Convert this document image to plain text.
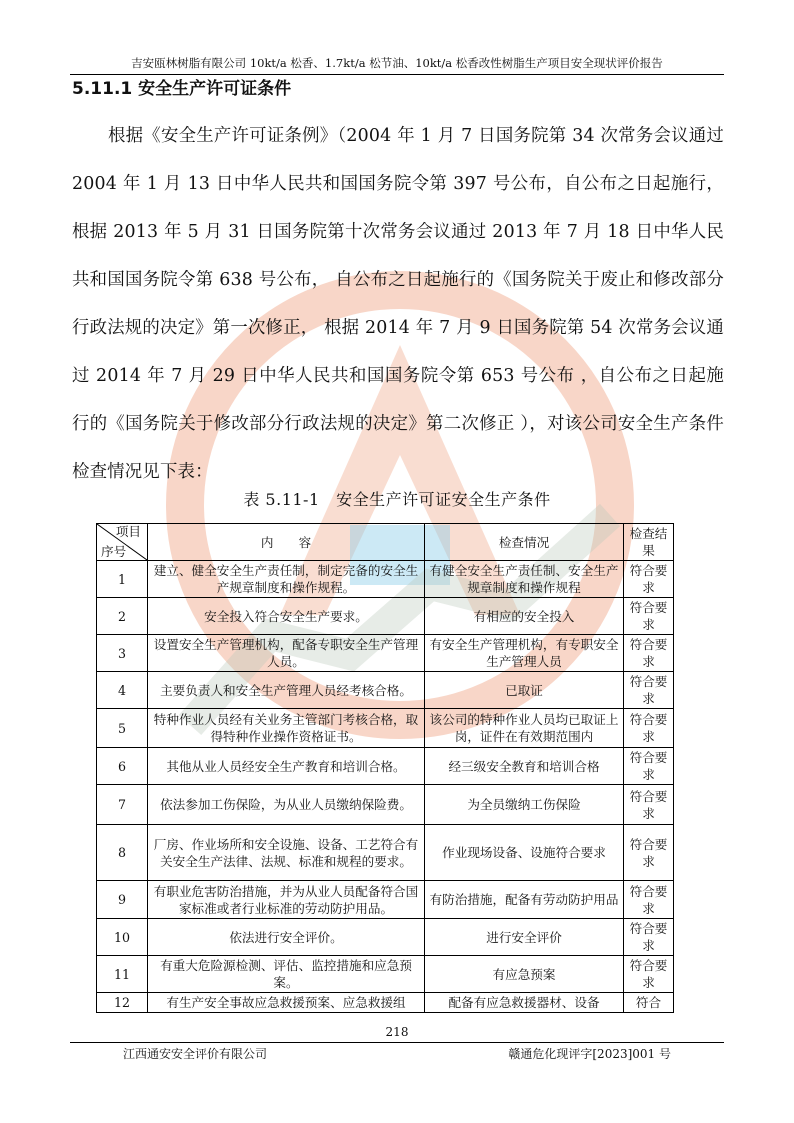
吉安瓯林树脂有限公司 10kt/a 松香、1.7kt/a 松节油、10kt/a 松香改性树脂生产项目安全现状评价报告
5.11.1 安全生产许可证条件
根据《安全生产许可证条例》（2004 年 1 月 7 日国务院第 34 次常务会议通过 2004 年 1 月 13 日中华人民共和国国务院令第 397 号公布，自公布之日起施行， 根据 2013 年 5 月 31 日国务院第十次常务会议通过 2013 年 7 月 18 日中华人民共和国国务院令第 638 号公布， 自公布之日起施行的《国务院关于废止和修改部分行政法规的决定》第一次修正， 根据 2014 年 7 月 9 日国务院第 54 次常务会议通过 2014 年 7 月 29 日中华人民共和国国务院令第 653 号公布 ，自公布之日起施行的《国务院关于修改部分行政法规的决定》第二次修正 ），对该公司安全生产条件检查情况见下表：
表 5.11-1　安全生产许可证安全生产条件
项目
序号	内　　容	检查情况	检查结果
1	建立、健全安全生产责任制，制定完备的安全生产规章制度和操作规程。	有健全安全生产责任制、安全生产规章制度和操作规程	符合要求
2	安全投入符合安全生产要求。	有相应的安全投入	符合要求
3	设置安全生产管理机构，配备专职安全生产管理人员。	有安全生产管理机构，有专职安全生产管理人员	符合要求
4	主要负责人和安全生产管理人员经考核合格。	已取证	符合要求
5	特种作业人员经有关业务主管部门考核合格，取得特种作业操作资格证书。	该公司的特种作业人员均已取证上岗，证件在有效期范围内	符合要求
6	其他从业人员经安全生产教育和培训合格。	经三级安全教育和培训合格	符合要求
7	依法参加工伤保险，为从业人员缴纳保险费。	为全员缴纳工伤保险	符合要求
8	厂房、作业场所和安全设施、设备、工艺符合有关安全生产法律、法规、标准和规程的要求。	作业现场设备、设施符合要求	符合要求
9	有职业危害防治措施，并为从业人员配备符合国家标准或者行业标准的劳动防护用品。	有防治措施，配备有劳动防护用品	符合要求
10	依法进行安全评价。	进行安全评价	符合要求
11	有重大危险源检测、评估、监控措施和应急预案。	有应急预案	符合要求
12	有生产安全事故应急救援预案、应急救援组	配备有应急救援器材、设备	符合
218
江西通安安全评价有限公司	赣通危化现评字[2023]001 号
